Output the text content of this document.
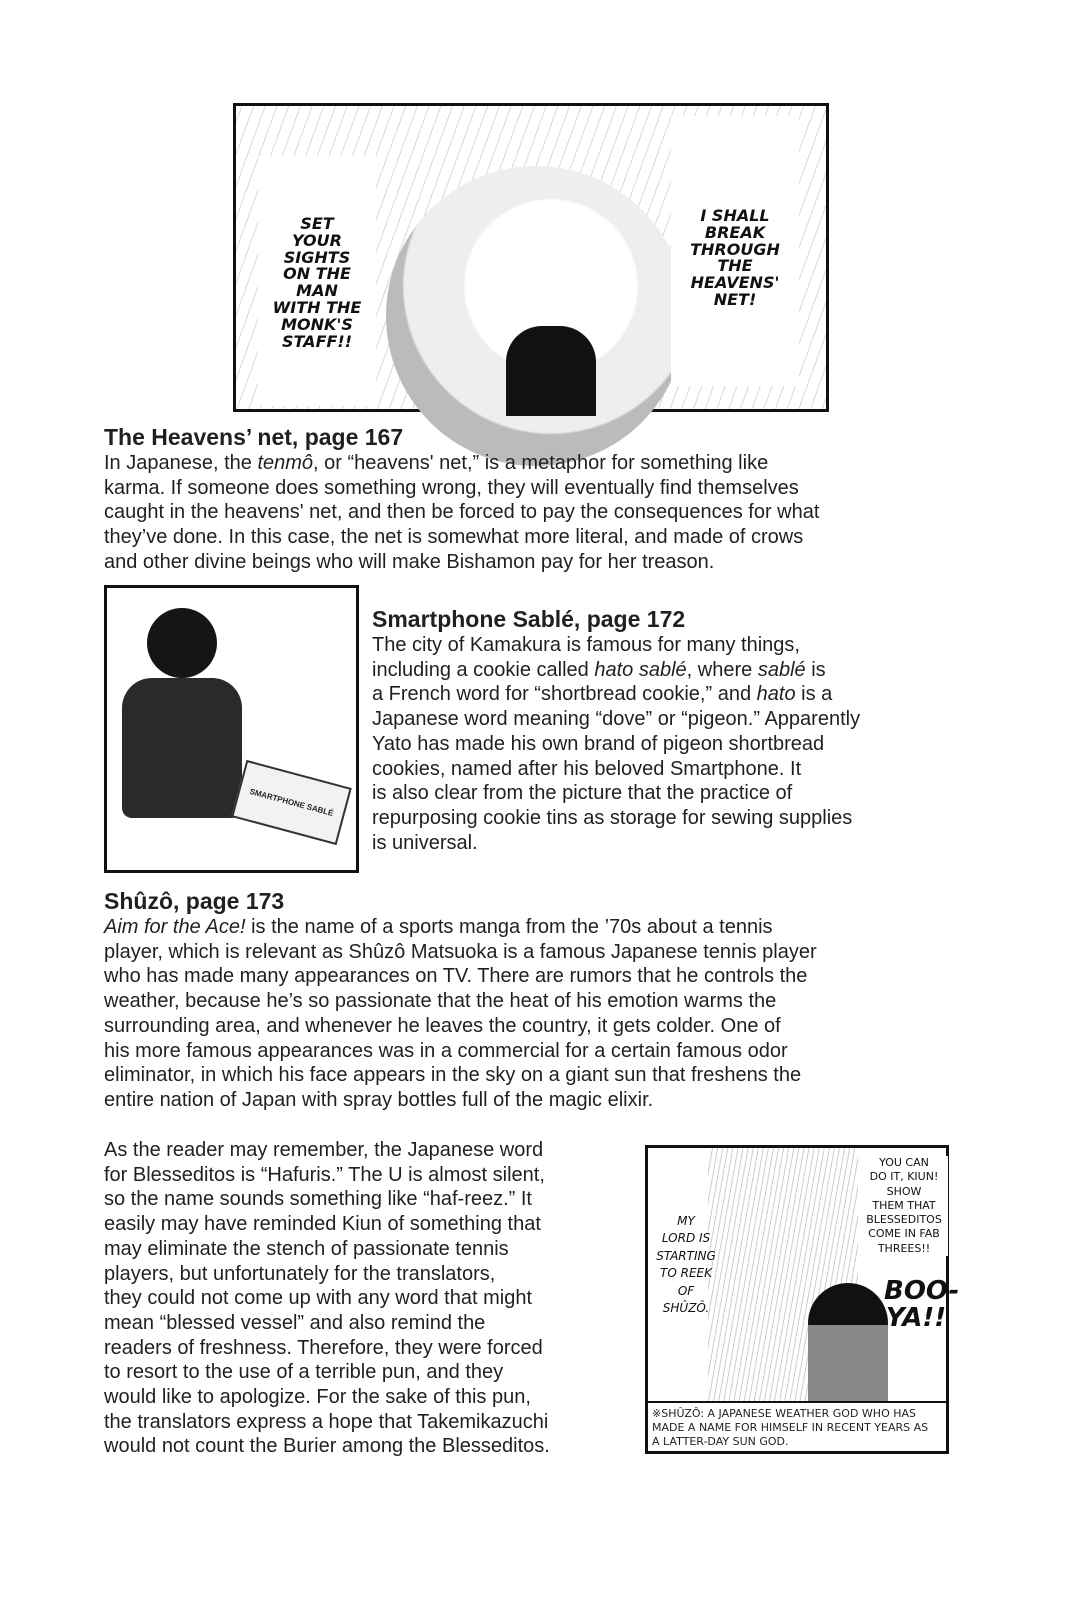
SET
YOUR
SIGHTS
ON THE
MAN
WITH THE
MONK'S
STAFF!!
I SHALL
BREAK
THROUGH
THE
HEAVENS'
NET!
The Heavens’ net, page 167
In Japanese, the tenmô, or “heavens' net,” is a metaphor for something like
karma. If someone does something wrong, they will eventually find themselves
caught in the heavens' net, and then be forced to pay the consequences for what
they’ve done. In this case, the net is somewhat more literal, and made of crows
and other divine beings who will make Bishamon pay for her treason.
SMARTPHONE SABLÉ
Smartphone Sablé, page 172
The city of Kamakura is famous for many things,
including a cookie called hato sablé, where sablé is
a French word for “shortbread cookie,” and hato is a
Japanese word meaning “dove” or “pigeon.” Apparently
Yato has made his own brand of pigeon shortbread
cookies, named after his beloved Smartphone. It
is also clear from the picture that the practice of
repurposing cookie tins as storage for sewing supplies
is universal.
Shûzô, page 173
Aim for the Ace! is the name of a sports manga from the ’70s about a tennis
player, which is relevant as Shûzô Matsuoka is a famous Japanese tennis player
who has made many appearances on TV. There are rumors that he controls the
weather, because he’s so passionate that the heat of his emotion warms the
surrounding area, and whenever he leaves the country, it gets colder. One of
his more famous appearances was in a commercial for a certain famous odor
eliminator, in which his face appears in the sky on a giant sun that freshens the
entire nation of Japan with spray bottles full of the magic elixir.
As the reader may remember, the Japanese word
for Blesseditos is “Hafuris.” The U is almost silent,
so the name sounds something like “haf-reez.” It
easily may have reminded Kiun of something that
may eliminate the stench of passionate tennis
players, but unfortunately for the translators,
they could not come up with any word that might
mean “blessed vessel” and also remind the
readers of freshness. Therefore, they were forced
to resort to the use of a terrible pun, and they
would like to apologize. For the sake of this pun,
the translators express a hope that Takemikazuchi
would not count the Burier among the Blesseditos.
MY
LORD IS
STARTING
TO REEK
OF
SHÛZÔ.
YOU CAN
DO IT, KIUN!
SHOW
THEM THAT
BLESSEDITOS
COME IN FAB
THREES!!
BOO-
YA!!
※SHÛZÔ: A JAPANESE WEATHER GOD WHO HAS
MADE A NAME FOR HIMSELF IN RECENT YEARS AS
A LATTER-DAY SUN GOD.
